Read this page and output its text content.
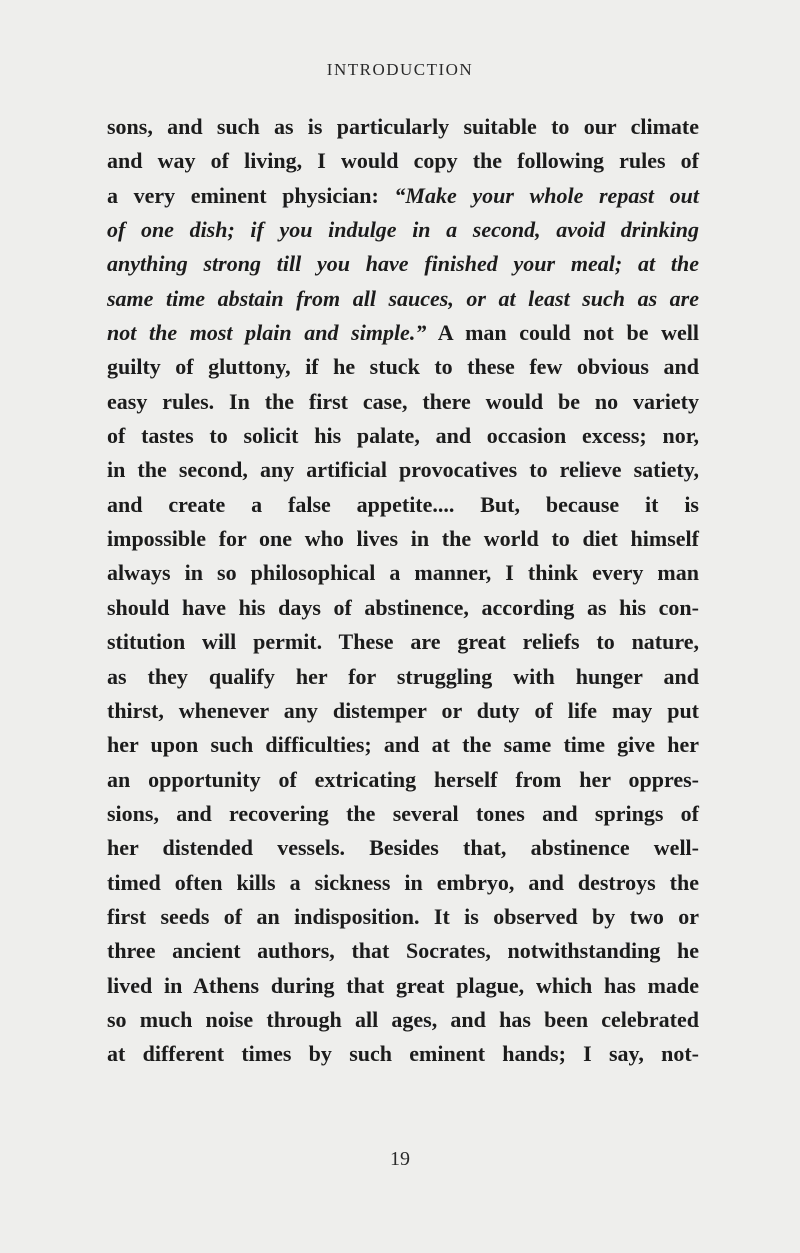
INTRODUCTION
sons, and such as is particularly suitable to our climate
and way of living, I would copy the following rules of
a very eminent physician: “Make your whole repast out
of one dish; if you indulge in a second, avoid drinking
anything strong till you have finished your meal; at the
same time abstain from all sauces, or at least such as are
not the most plain and simple.” A man could not be well
guilty of gluttony, if he stuck to these few obvious and
easy rules. In the first case, there would be no variety
of tastes to solicit his palate, and occasion excess; nor,
in the second, any artificial provocatives to relieve satiety,
and create a false appetite.... But, because it is
impossible for one who lives in the world to diet himself
always in so philosophical a manner, I think every man
should have his days of abstinence, according as his con-
stitution will permit. These are great reliefs to nature,
as they qualify her for struggling with hunger and
thirst, whenever any distemper or duty of life may put
her upon such difficulties; and at the same time give her
an opportunity of extricating herself from her oppres-
sions, and recovering the several tones and springs of
her distended vessels. Besides that, abstinence well-
timed often kills a sickness in embryo, and destroys the
first seeds of an indisposition. It is observed by two or
three ancient authors, that Socrates, notwithstanding he
lived in Athens during that great plague, which has made
so much noise through all ages, and has been celebrated
at different times by such eminent hands; I say, not-
19
